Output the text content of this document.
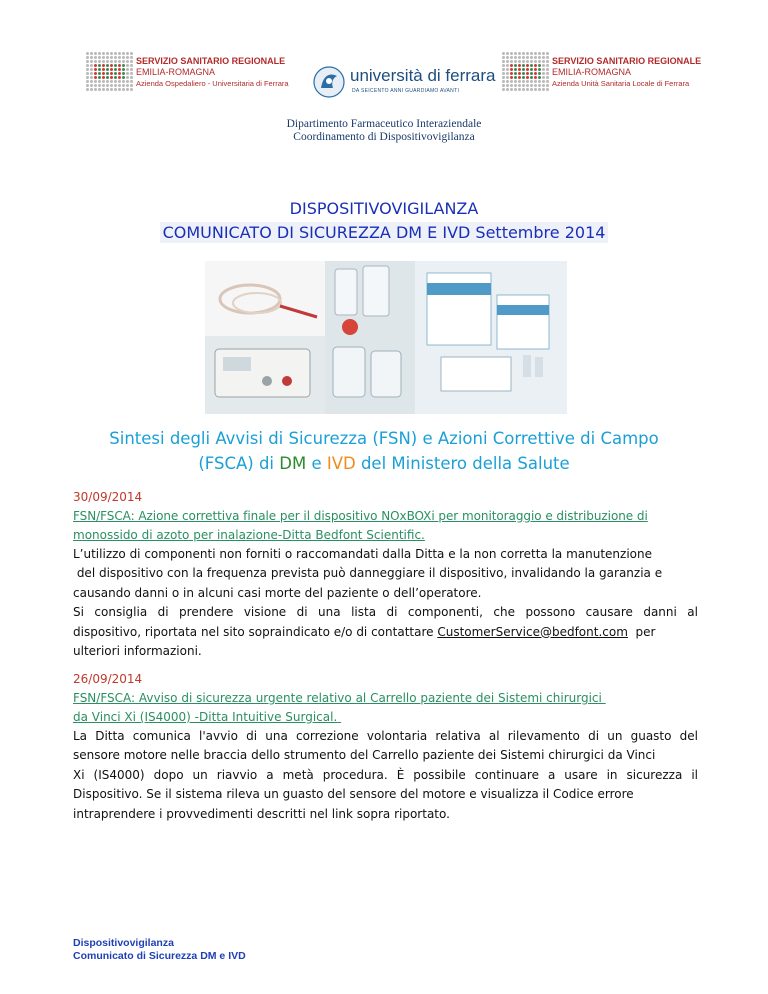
SERVIZIO SANITARIO REGIONALE
EMILIA-ROMAGNA
Azienda Ospedaliero - Universitaria di Ferrara	università di ferrara
DA SEICENTO ANNI GUARDIAMO AVANTI
SERVIZIO SANITARIO REGIONALE
EMILIA-ROMAGNA
Azienda Unità Sanitaria Locale di Ferrara
Dipartimento Farmaceutico Interaziendale
Coordinamento di Dispositivovigilanza
DISPOSITIVOVIGILANZA
COMUNICATO DI SICUREZZA DM E IVD Settembre 2014
Sintesi degli Avvisi di Sicurezza (FSN) e Azioni Correttive di Campo
(FSCA) di DM e IVD del Ministero della Salute
30/09/2014
FSN/FSCA: Azione correttiva finale per il dispositivo NOxBOXi per monitoraggio e distribuzione di
monossido di azoto per inalazione-Ditta Bedfont Scientific.
L’utilizzo di componenti non forniti o raccomandati dalla Ditta e la non corretta la manutenzione
del dispositivo con la frequenza prevista può danneggiare il dispositivo, invalidando la garanzia e
causando danni o in alcuni casi morte del paziente o dell’operatore.
Si consiglia di prendere visione di una lista di componenti, che possono causare danni al
dispositivo, riportata nel sito sopraindicato e/o di contattare CustomerService@bedfont.com  per
ulteriori informazioni.
26/09/2014
FSN/FSCA: Avviso di sicurezza urgente relativo al Carrello paziente dei Sistemi chirurgici
da Vinci Xi (IS4000) -Ditta Intuitive Surgical.
La Ditta comunica l'avvio di una correzione volontaria relativa al rilevamento di un guasto del
sensore motore nelle braccia dello strumento del Carrello paziente dei Sistemi chirurgici da Vinci
Xi (IS4000) dopo un riavvio a metà procedura. È possibile continuare a usare in sicurezza il
Dispositivo. Se il sistema rileva un guasto del sensore del motore e visualizza il Codice errore
intraprendere i provvedimenti descritti nel link sopra riportato.
Dispositivovigilanza
Comunicato di Sicurezza DM e IVD
